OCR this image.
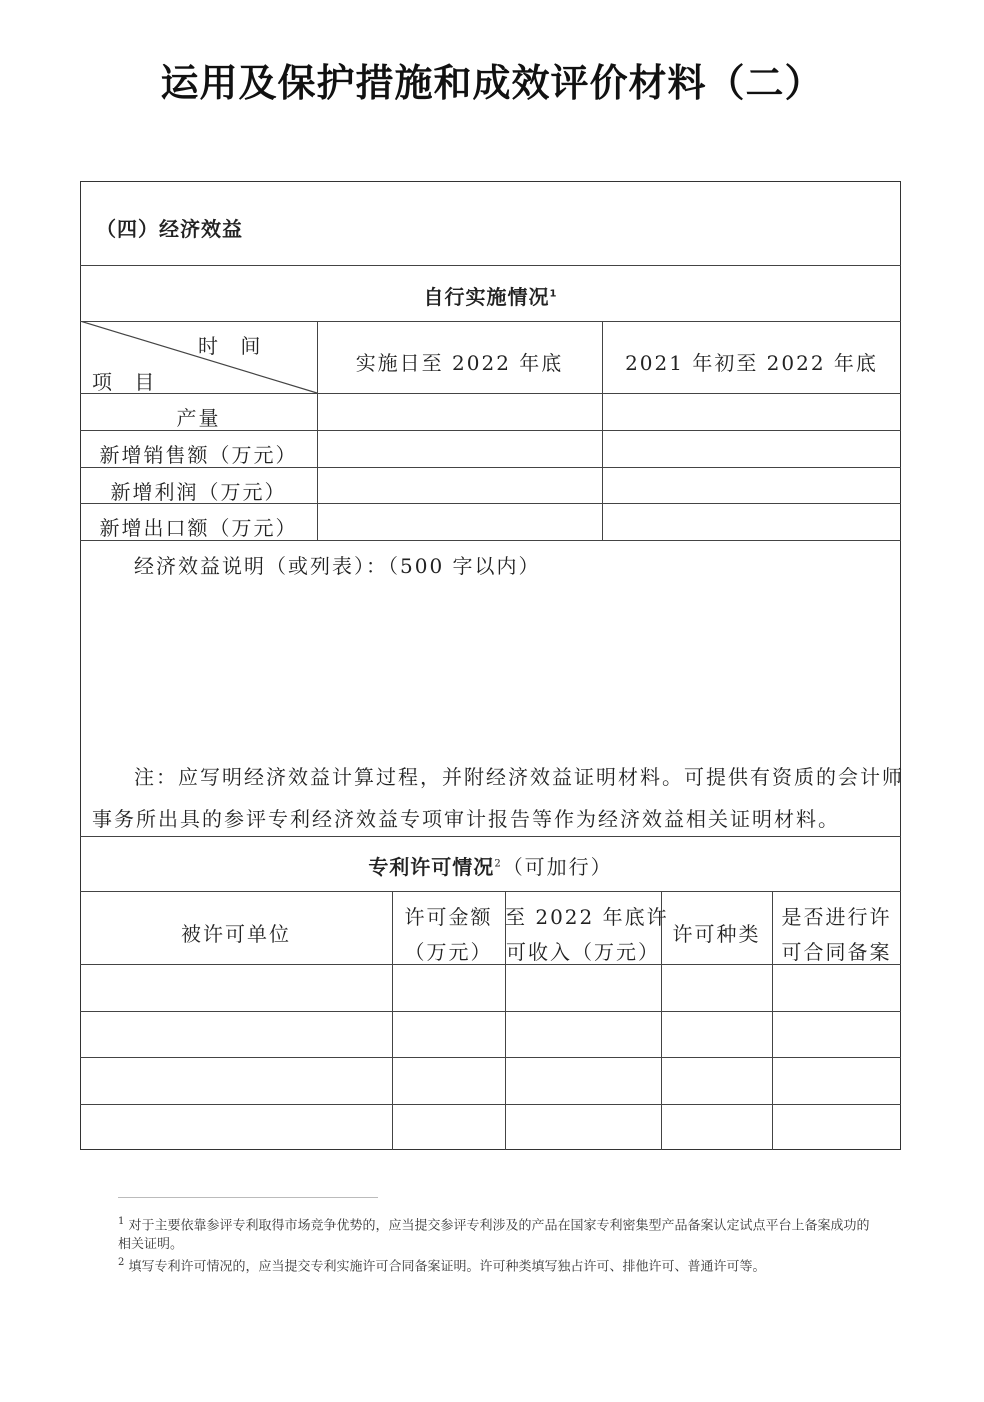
运用及保护措施和成效评价材料（二）
（四）经济效益
自行实施情况$^1$
时 间
项 目
实施日至 2022 年底	2021 年初至 2022 年底
产量
新增销售额（万元）
新增利润（万元）
新增出口额（万元）
经济效益说明（或列表）：（500 字以内）
注：应写明经济效益计算过程，并附经济效益证明材料。可提供有资质的会计师
事务所出具的参评专利经济效益专项审计报告等作为经济效益相关证明材料。
专利许可情况$^2$（可加行）
被许可单位
许可金额
（万元）
至 2022 年底许
可收入（万元）
许可种类
是否进行许
可合同备案
$^1$ 对于主要依靠参评专利取得市场竞争优势的，应当提交参评专利涉及的产品在国家专利密集型产品备案认定试点平台上备案成功的相关证明。
$^2$ 填写专利许可情况的，应当提交专利实施许可合同备案证明。许可种类填写独占许可、排他许可、普通许可等。
